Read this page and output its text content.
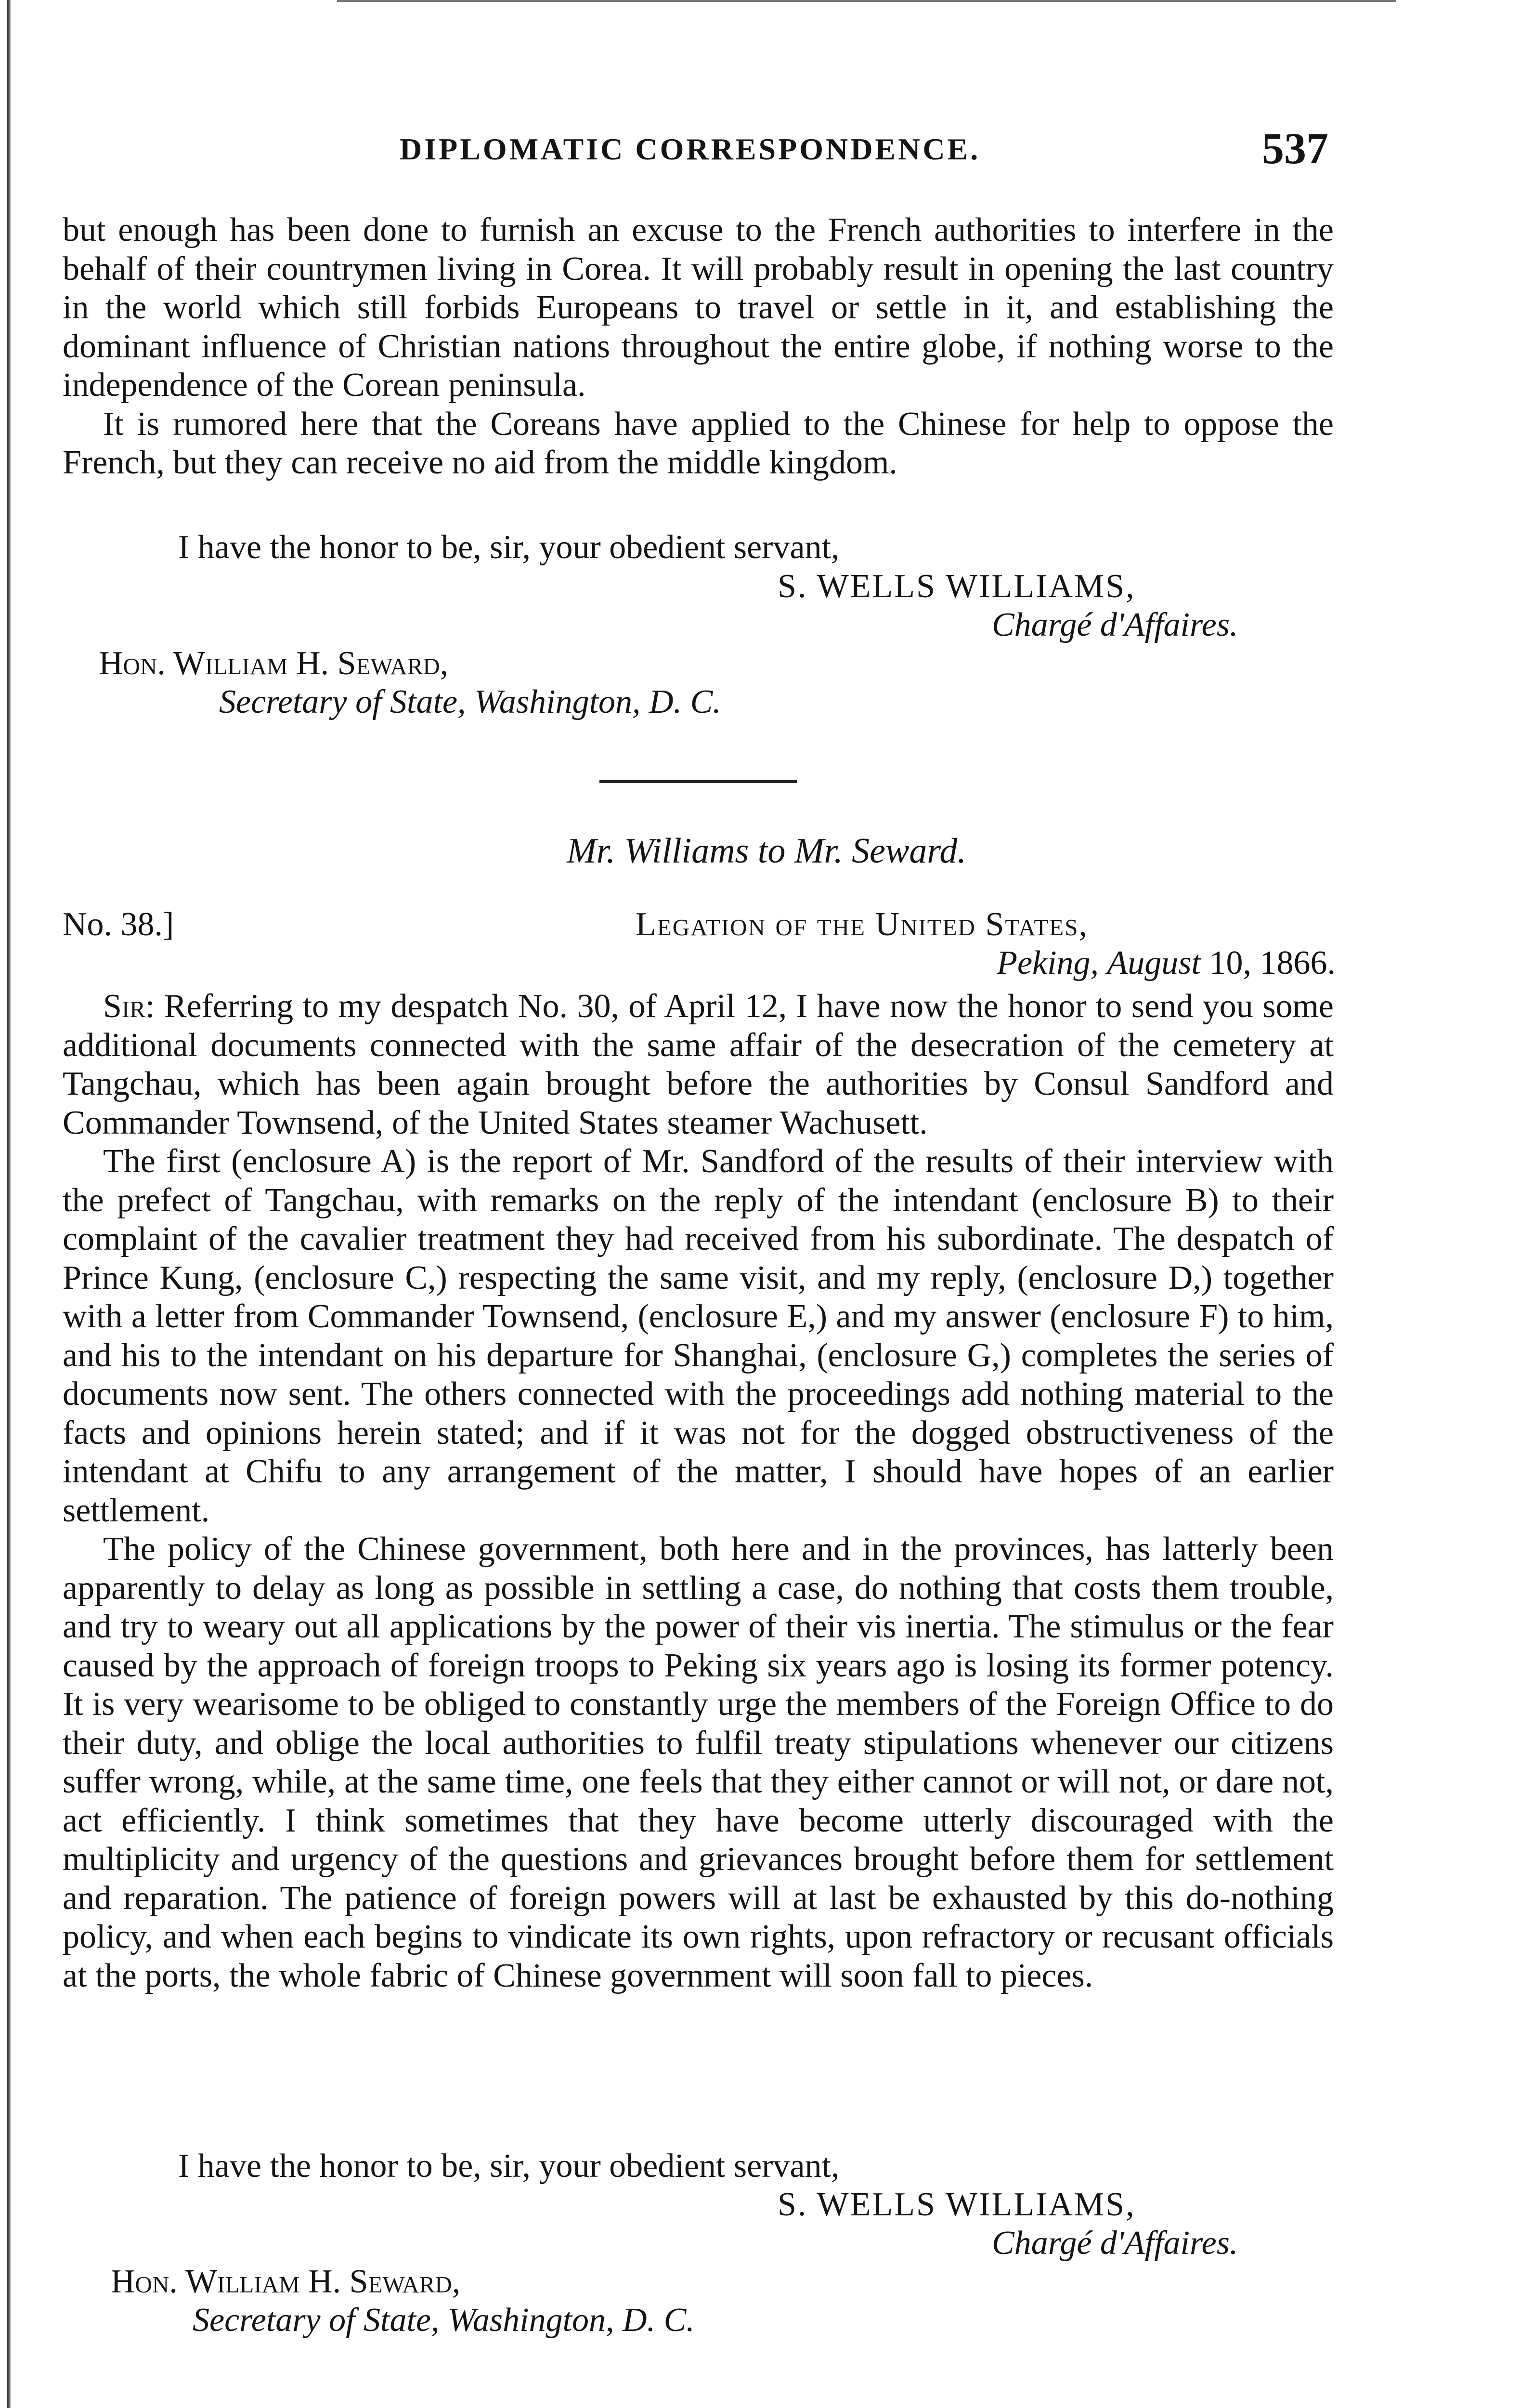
DIPLOMATIC CORRESPONDENCE.	537

but enough has been done to furnish an excuse to the French authorities to interfere in the behalf of their countrymen living in Corea. It will probably result in opening the last country in the world which still forbids Europeans to travel or settle in it, and establishing the dominant influence of Christian nations throughout the entire globe, if nothing worse to the independence of the Corean peninsula.

It is rumored here that the Coreans have applied to the Chinese for help to oppose the French, but they can receive no aid from the middle kingdom.

I have the honor to be, sir, your obedient servant,
S. WELLS WILLIAMS,
Chargé d'Affaires.
Hon. William H. Seward,
Secretary of State, Washington, D. C.
Mr. Williams to Mr. Seward.
No. 38.]	Legation of the United States,
Peking, August 10, 1866.

Sir: Referring to my despatch No. 30, of April 12, I have now the honor to send you some additional documents connected with the same affair of the desecration of the cemetery at Tangchau, which has been again brought before the authorities by Consul Sandford and Commander Townsend, of the United States steamer Wachusett.

The first (enclosure A) is the report of Mr. Sandford of the results of their interview with the prefect of Tangchau, with remarks on the reply of the intendant (enclosure B) to their complaint of the cavalier treatment they had received from his subordinate. The despatch of Prince Kung, (enclosure C,) respecting the same visit, and my reply, (enclosure D,) together with a letter from Commander Townsend, (enclosure E,) and my answer (enclosure F) to him, and his to the intendant on his departure for Shanghai, (enclosure G,) completes the series of documents now sent. The others connected with the proceedings add nothing material to the facts and opinions herein stated; and if it was not for the dogged obstructiveness of the intendant at Chifu to any arrangement of the matter, I should have hopes of an earlier settlement.

The policy of the Chinese government, both here and in the provinces, has latterly been apparently to delay as long as possible in settling a case, do nothing that costs them trouble, and try to weary out all applications by the power of their vis inertia. The stimulus or the fear caused by the approach of foreign troops to Peking six years ago is losing its former potency. It is very wearisome to be obliged to constantly urge the members of the Foreign Office to do their duty, and oblige the local authorities to fulfil treaty stipulations whenever our citizens suffer wrong, while, at the same time, one feels that they either cannot or will not, or dare not, act efficiently. I think sometimes that they have become utterly discouraged with the multiplicity and urgency of the questions and grievances brought before them for settlement and reparation. The patience of foreign powers will at last be exhausted by this do-nothing policy, and when each begins to vindicate its own rights, upon refractory or recusant officials at the ports, the whole fabric of Chinese government will soon fall to pieces.

I have the honor to be, sir, your obedient servant,
S. WELLS WILLIAMS,
Chargé d'Affaires.
Hon. William H. Seward,
Secretary of State, Washington, D. C.
